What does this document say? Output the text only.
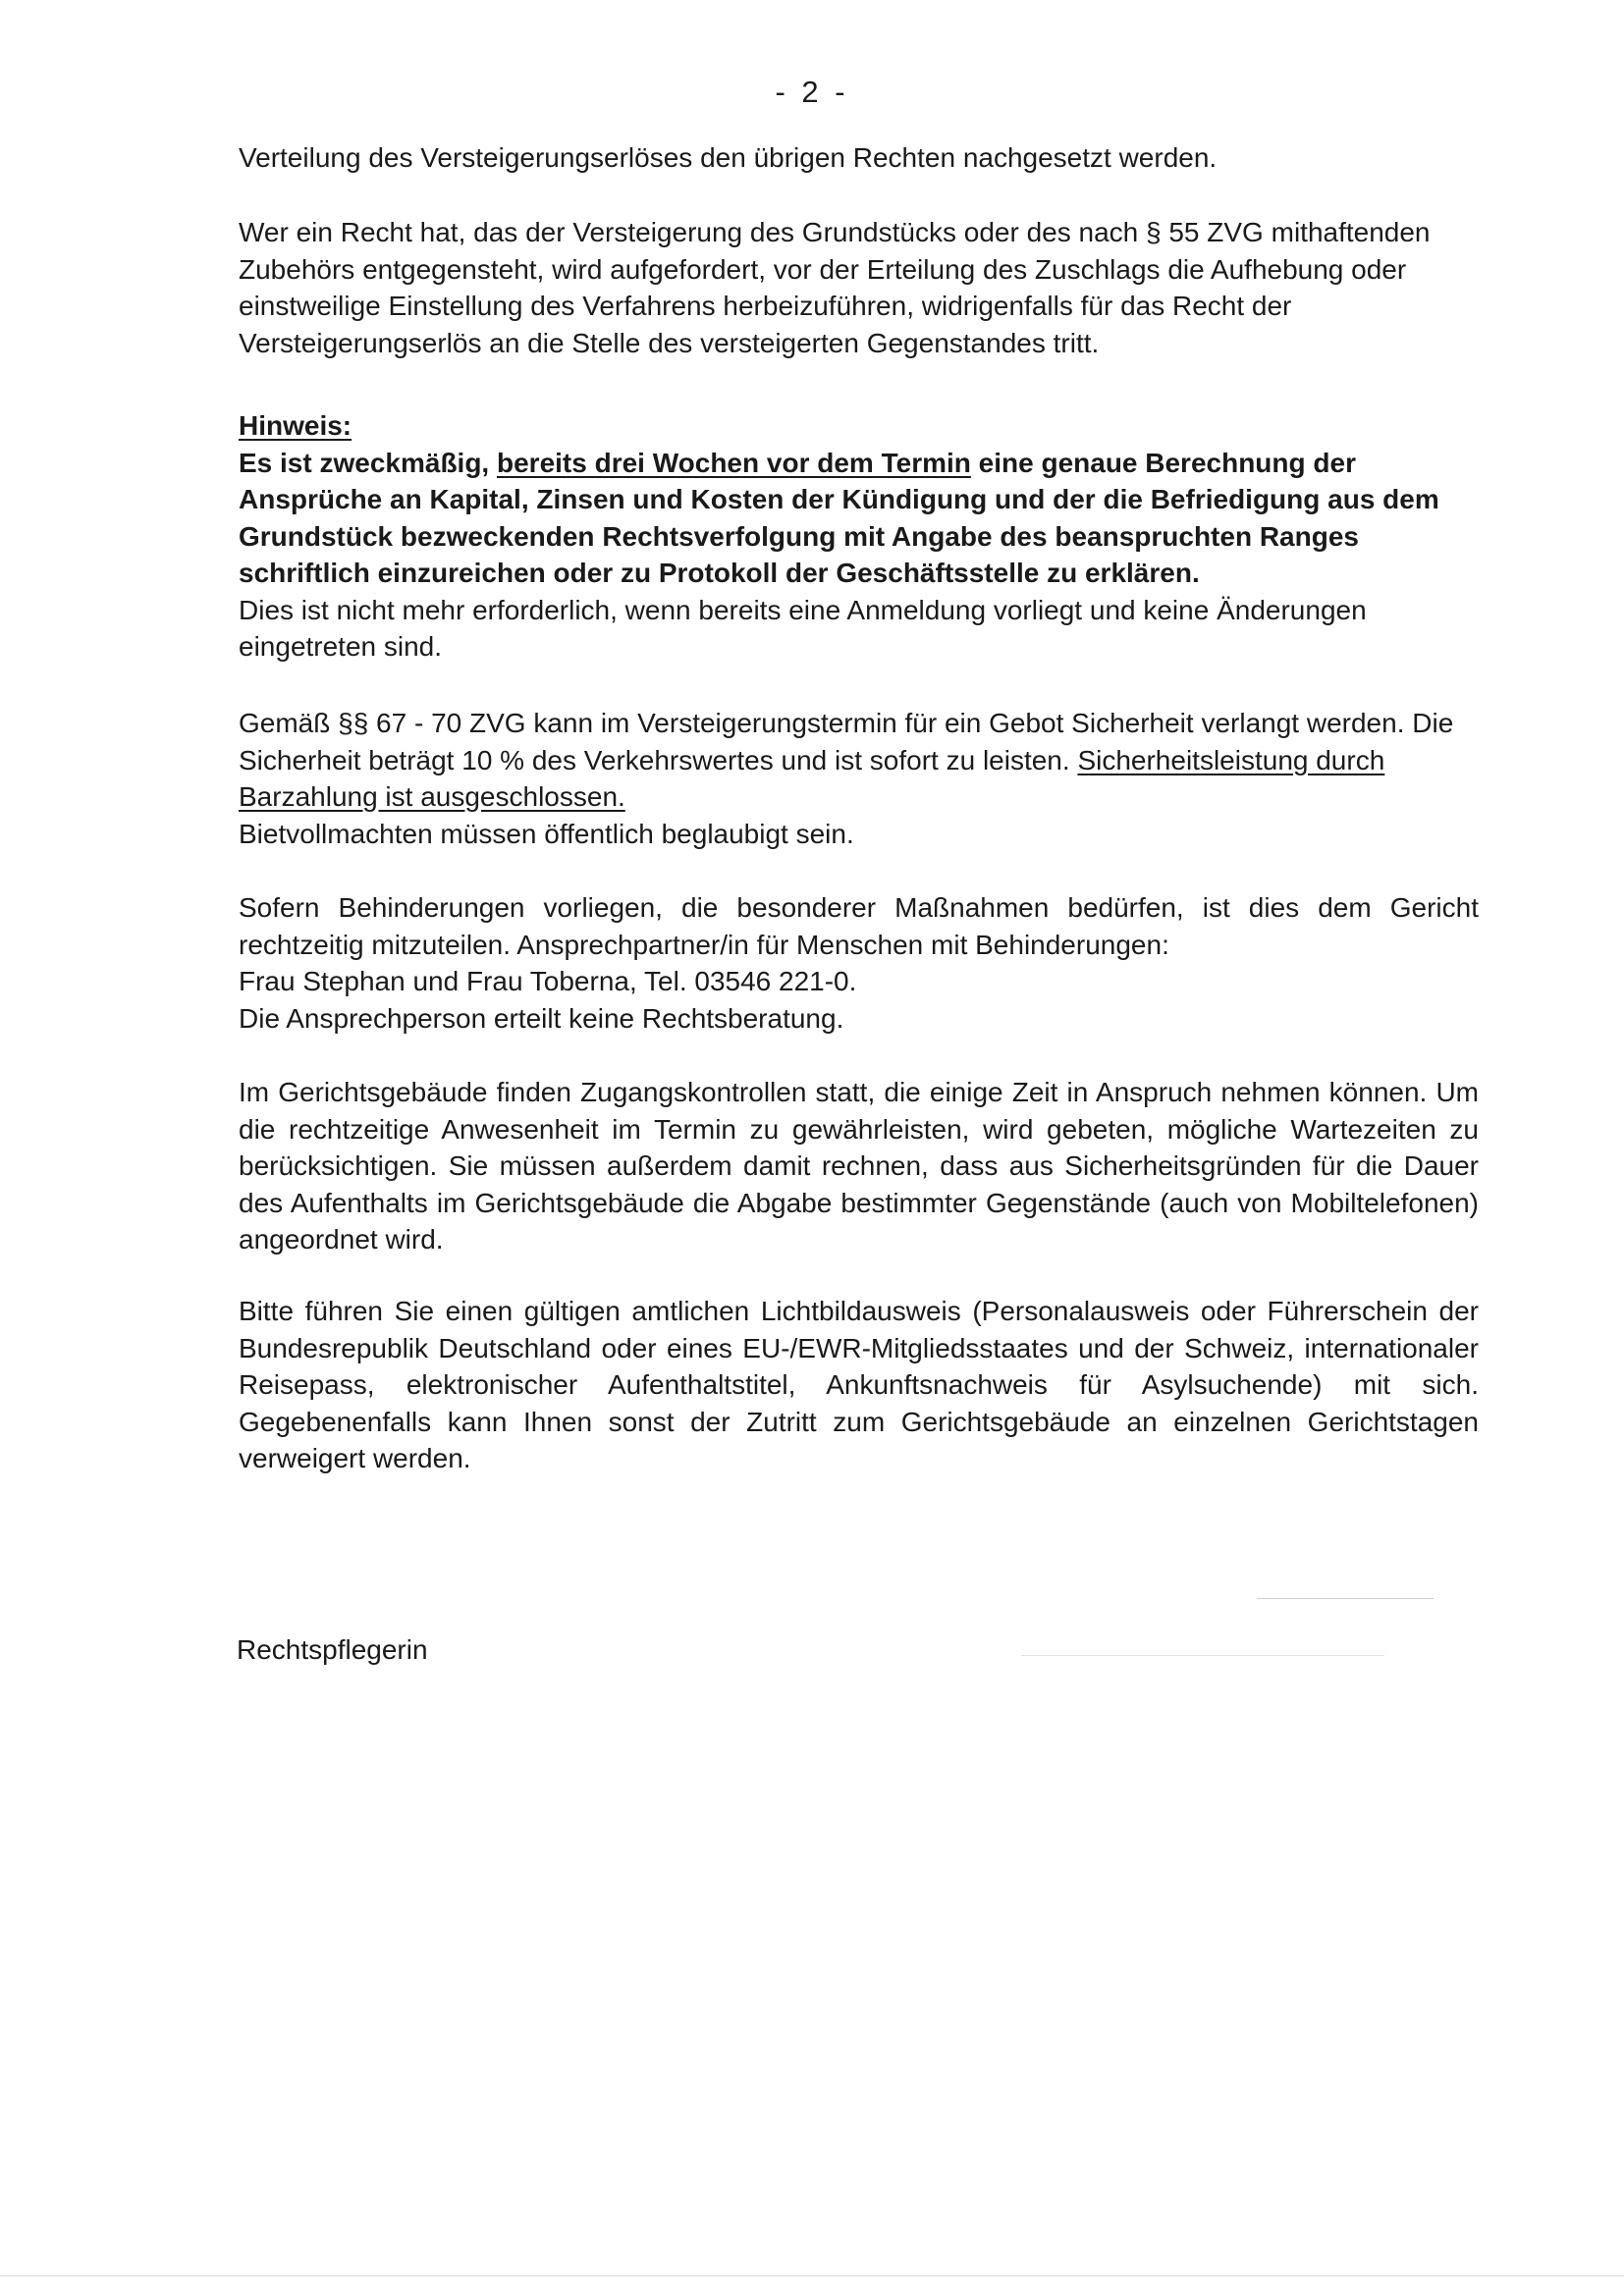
- 2 -
Verteilung des Versteigerungserlöses den übrigen Rechten nachgesetzt werden.
Wer ein Recht hat, das der Versteigerung des Grundstücks oder des nach § 55 ZVG mithaftenden Zubehörs entgegensteht, wird aufgefordert, vor der Erteilung des Zuschlags die Aufhebung oder einstweilige Einstellung des Verfahrens herbeizuführen, widrigenfalls für das Recht der Versteigerungserlös an die Stelle des versteigerten Gegenstandes tritt.
Hinweis:
Es ist zweckmäßig, bereits drei Wochen vor dem Termin eine genaue Berechnung der Ansprüche an Kapital, Zinsen und Kosten der Kündigung und der die Befriedigung aus dem Grundstück bezweckenden Rechtsverfolgung mit Angabe des beanspruchten Ranges schriftlich einzureichen oder zu Protokoll der Geschäftsstelle zu erklären.
Dies ist nicht mehr erforderlich, wenn bereits eine Anmeldung vorliegt und keine Änderungen eingetreten sind.
Gemäß §§ 67 - 70 ZVG kann im Versteigerungstermin für ein Gebot Sicherheit verlangt werden. Die Sicherheit beträgt 10 % des Verkehrswertes und ist sofort zu leisten. Sicherheitsleistung durch Barzahlung ist ausgeschlossen.
Bietvollmachten müssen öffentlich beglaubigt sein.
Sofern Behinderungen vorliegen, die besonderer Maßnahmen bedürfen, ist dies dem Gericht rechtzeitig mitzuteilen. Ansprechpartner/in für Menschen mit Behinderungen:
Frau Stephan und Frau Toberna, Tel. 03546 221-0.
Die Ansprechperson erteilt keine Rechtsberatung.
Im Gerichtsgebäude finden Zugangskontrollen statt, die einige Zeit in Anspruch nehmen können. Um die rechtzeitige Anwesenheit im Termin zu gewährleisten, wird gebeten, mögliche Wartezeiten zu berücksichtigen. Sie müssen außerdem damit rechnen, dass aus Sicherheitsgründen für die Dauer des Aufenthalts im Gerichtsgebäude die Abgabe bestimmter Gegenstände (auch von Mobiltelefonen) angeordnet wird.
Bitte führen Sie einen gültigen amtlichen Lichtbildausweis (Personalausweis oder Führerschein der Bundesrepublik Deutschland oder eines EU-/EWR-Mitgliedsstaates und der Schweiz, internationaler Reisepass, elektronischer Aufenthaltstitel, Ankunftsnachweis für Asylsuchende) mit sich. Gegebenenfalls kann Ihnen sonst der Zutritt zum Gerichtsgebäude an einzelnen Gerichtstagen verweigert werden.
Rechtspflegerin
